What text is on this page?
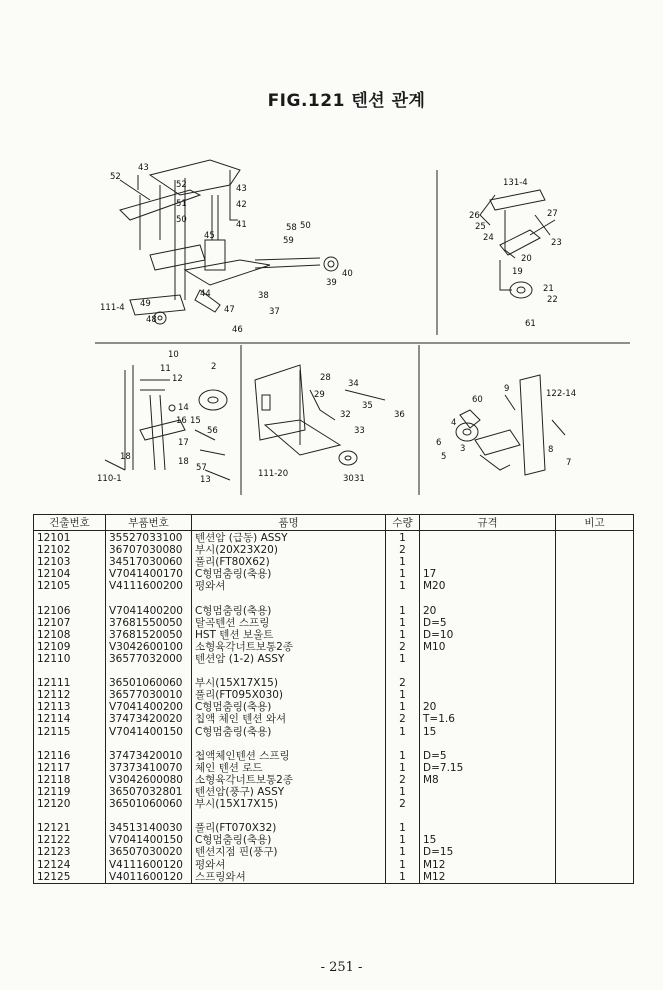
FIG.121 텐션 관계
52
43
52
51
50
45
43
42
41	58 50
59
40
39
38
37
47
44
46
49
111-4
48
131-4
26	27
25
24	23
20
19
21
22
61
10
11
12
2
14
16 15
56
18
17
18
57
13
110-1
28
29
34
35
36
32
33
30 31
111-20
9
60
122-14
4
6
5
3	8
7
건출번호	부품번호	품명	수량	규격	비고
12101	35527033100	텐션암 (급동) ASSY	1		
12102	36707030080	부시(20X23X20)	2		
12103	34517030060	풀리(FT80X62)	1		
12104	V7041400170	C형멈춤링(축용)	1	17	
12105	V4111600200	평와셔	1	M20	

12106	V7041400200	C형멈춤링(축용)	1	20	
12107	37681550050	탈곡텐션 스프링	1	D=5	
12108	37681520050	HST 텐션 보울트	1	D=10	
12109	V3042600100	소형육각너트보통2종	2	M10	
12110	36577032000	텐션암 (1-2) ASSY	1		

12111	36501060060	부시(15X17X15)	2		
12112	36577030010	풀리(FT095X030)	1		
12113	V7041400200	C형멈춤링(축용)	1	20	
12114	37473420020	칩액 체인 텐션 와셔	2	T=1.6	
12115	V7041400150	C형멈춤링(축용)	1	15	

12116	37473420010	첩액체인텐션 스프링	1	D=5	
12117	37373410070	체인 텐션 로드	1	D=7.15	
12118	V3042600080	소형육각너트보통2종	2	M8	
12119	36507032801	텐션암(풍구) ASSY	1		
12120	36501060060	부시(15X17X15)	2		

12121	34513140030	풀리(FT070X32)	1		
12122	V7041400150	C형멈춤링(축용)	1	15	
12123	36507030020	텐션지점 핀(풍구)	1	D=15	
12124	V4111600120	평와셔	1	M12	
12125	V4011600120	스프링와셔	1	M12	
- 251 -
